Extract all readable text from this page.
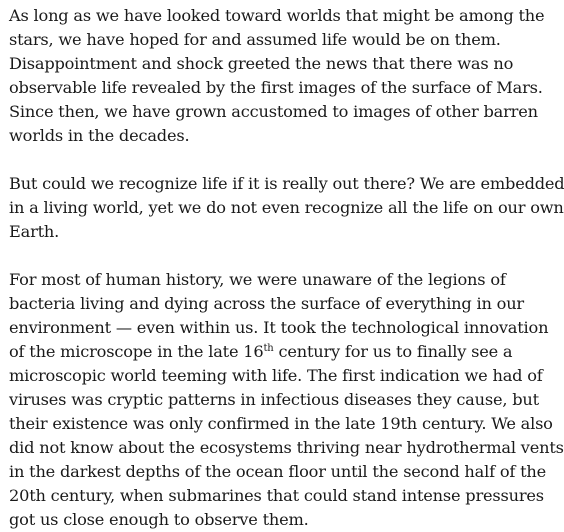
As long as we have looked toward worlds that might be among the
stars, we have hoped for and assumed life would be on them.
Disappointment and shock greeted the news that there was no
observable life revealed by the first images of the surface of Mars.
Since then, we have grown accustomed to images of other barren
worlds in the decades.

But could we recognize life if it is really out there? We are embedded
in a living world, yet we do not even recognize all the life on our own
Earth.

For most of human history, we were unaware of the legions of
bacteria living and dying across the surface of everything in our
environment — even within us. It took the technological innovation
of the microscope in the late 16th century for us to finally see a
microscopic world teeming with life. The first indication we had of
viruses was cryptic patterns in infectious diseases they cause, but
their existence was only confirmed in the late 19th century. We also
did not know about the ecosystems thriving near hydrothermal vents
in the darkest depths of the ocean floor until the second half of the
20th century, when submarines that could stand intense pressures
got us close enough to observe them.
